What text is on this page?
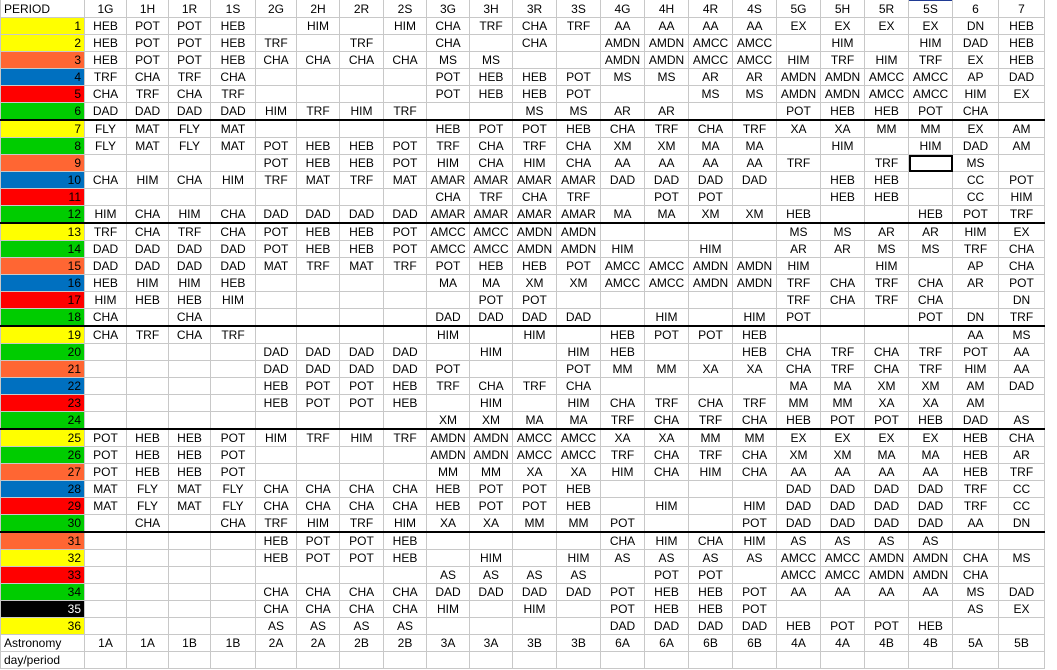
PERIOD	1G	1H	1R	1S	2G	2H	2R	2S	3G	3H	3R	3S	4G	4H	4R	4S	5G	5H	5R	5S	6	7
1	HEB	POT	POT	HEB		HIM		HIM	CHA	TRF	CHA	TRF	AA	AA	AA	AA	EX	EX	EX	EX	DN	HEB
2	HEB	POT	POT	HEB	TRF		TRF		CHA		CHA		AMDN	AMDN	AMCC	AMCC		HIM		HIM	DAD	HEB
3	HEB	POT	POT	HEB	CHA	CHA	CHA	CHA	MS	MS			AMDN	AMDN	AMCC	AMCC	HIM	TRF	HIM	TRF	EX	HEB
4	TRF	CHA	TRF	CHA					POT	HEB	HEB	POT	MS	MS	AR	AR	AMDN	AMDN	AMCC	AMCC	AP	DAD
5	CHA	TRF	CHA	TRF					POT	HEB	HEB	POT			MS	MS	AMDN	AMDN	AMCC	AMCC	HIM	EX
6	DAD	DAD	DAD	DAD	HIM	TRF	HIM	TRF			MS	MS	AR	AR			POT	HEB	HEB	POT	CHA	
7	FLY	MAT	FLY	MAT					HEB	POT	POT	HEB	CHA	TRF	CHA	TRF	XA	XA	MM	MM	EX	AM
8	FLY	MAT	FLY	MAT	POT	HEB	HEB	POT	TRF	CHA	TRF	CHA	XM	XM	MA	MA		HIM		HIM	DAD	AM
9					POT	HEB	HEB	POT	HIM	CHA	HIM	CHA	AA	AA	AA	AA	TRF		TRF		MS	
10	CHA	HIM	CHA	HIM	TRF	MAT	TRF	MAT	AMAR	AMAR	AMAR	AMAR	DAD	DAD	DAD	DAD		HEB	HEB		CC	POT
11									CHA	TRF	CHA	TRF		POT	POT			HEB	HEB		CC	HIM
12	HIM	CHA	HIM	CHA	DAD	DAD	DAD	DAD	AMAR	AMAR	AMAR	AMAR	MA	MA	XM	XM	HEB			HEB	POT	TRF
13	TRF	CHA	TRF	CHA	POT	HEB	HEB	POT	AMCC	AMCC	AMDN	AMDN					MS	MS	AR	AR	HIM	EX
14	DAD	DAD	DAD	DAD	POT	HEB	HEB	POT	AMCC	AMCC	AMDN	AMDN	HIM		HIM		AR	AR	MS	MS	TRF	CHA
15	DAD	DAD	DAD	DAD	MAT	TRF	MAT	TRF	POT	HEB	HEB	POT	AMCC	AMCC	AMDN	AMDN	HIM		HIM		AP	CHA
16	HEB	HIM	HIM	HEB					MA	MA	XM	XM	AMCC	AMCC	AMDN	AMDN	TRF	CHA	TRF	CHA	AR	POT
17	HIM	HEB	HEB	HIM						POT	POT						TRF	CHA	TRF	CHA		DN
18	CHA		CHA						DAD	DAD	DAD	DAD		HIM		HIM	POT			POT	DN	TRF
19	CHA	TRF	CHA	TRF					HIM		HIM		HEB	POT	POT	HEB					AA	MS
20					DAD	DAD	DAD	DAD		HIM		HIM	HEB			HEB	CHA	TRF	CHA	TRF	POT	AA
21					DAD	DAD	DAD	DAD	POT			POT	MM	MM	XA	XA	CHA	TRF	CHA	TRF	HIM	AA
22					HEB	POT	POT	HEB	TRF	CHA	TRF	CHA					MA	MA	XM	XM	AM	DAD
23					HEB	POT	POT	HEB		HIM		HIM	CHA	TRF	CHA	TRF	MM	MM	XA	XA	AM	
24									XM	XM	MA	MA	TRF	CHA	TRF	CHA	HEB	POT	POT	HEB	DAD	AS
25	POT	HEB	HEB	POT	HIM	TRF	HIM	TRF	AMDN	AMDN	AMCC	AMCC	XA	XA	MM	MM	EX	EX	EX	EX	HEB	CHA
26	POT	HEB	HEB	POT					AMDN	AMDN	AMCC	AMCC	TRF	CHA	TRF	CHA	XM	XM	MA	MA	HEB	AR
27	POT	HEB	HEB	POT					MM	MM	XA	XA	HIM	CHA	HIM	CHA	AA	AA	AA	AA	HEB	TRF
28	MAT	FLY	MAT	FLY	CHA	CHA	CHA	CHA	HEB	POT	POT	HEB					DAD	DAD	DAD	DAD	TRF	CC
29	MAT	FLY	MAT	FLY	CHA	CHA	CHA	CHA	HEB	POT	POT	HEB		HIM		HIM	DAD	DAD	DAD	DAD	TRF	CC
30		CHA		CHA	TRF	HIM	TRF	HIM	XA	XA	MM	MM	POT			POT	DAD	DAD	DAD	DAD	AA	DN
31					HEB	POT	POT	HEB					CHA	HIM	CHA	HIM	AS	AS	AS	AS		
32					HEB	POT	POT	HEB		HIM		HIM	AS	AS	AS	AS	AMCC	AMCC	AMDN	AMDN	CHA	MS
33									AS	AS	AS	AS		POT	POT		AMCC	AMCC	AMDN	AMDN	CHA	
34					CHA	CHA	CHA	CHA	DAD	DAD	DAD	DAD	POT	HEB	HEB	POT	AA	AA	AA	AA	MS	DAD
35					CHA	CHA	CHA	CHA	HIM		HIM		POT	HEB	HEB	POT					AS	EX
36					AS	AS	AS	AS					DAD	DAD	DAD	DAD	HEB	POT	POT	HEB		
Astronomy	1A	1A	1B	1B	2A	2A	2B	2B	3A	3A	3B	3B	6A	6A	6B	6B	4A	4A	4B	4B	5A	5B
day/period																						
